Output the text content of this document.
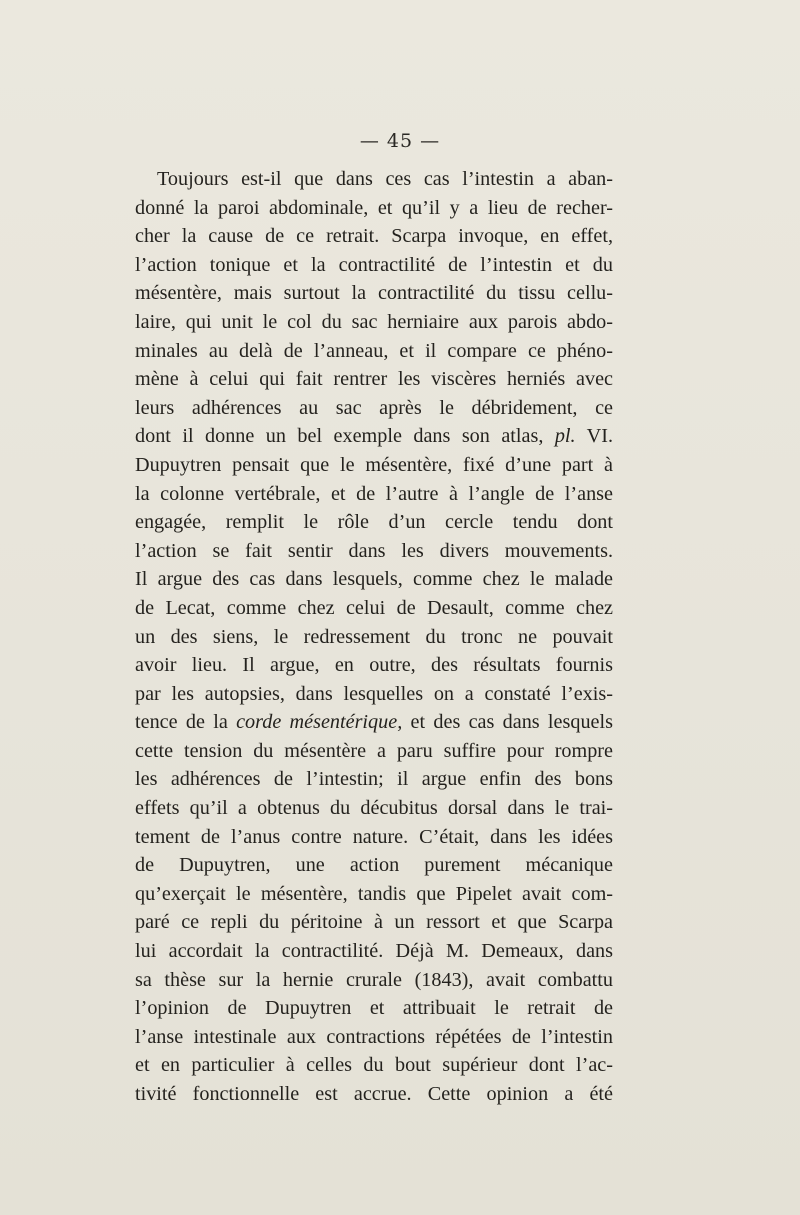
— 45 —
Toujours est-il que dans ces cas l’intestin a aban-
donné la paroi abdominale, et qu’il y a lieu de recher-
cher la cause de ce retrait. Scarpa invoque, en effet,
l’action tonique et la contractilité de l’intestin et du
mésentère, mais surtout la contractilité du tissu cellu-
laire, qui unit le col du sac herniaire aux parois abdo-
minales au delà de l’anneau, et il compare ce phéno-
mène à celui qui fait rentrer les viscères herniés avec
leurs adhérences au sac après le débridement, ce
dont il donne un bel exemple dans son atlas, pl. VI.
Dupuytren pensait que le mésentère, fixé d’une part à
la colonne vertébrale, et de l’autre à l’angle de l’anse
engagée, remplit le rôle d’un cercle tendu dont
l’action se fait sentir dans les divers mouvements.
Il argue des cas dans lesquels, comme chez le malade
de Lecat, comme chez celui de Desault, comme chez
un des siens, le redressement du tronc ne pouvait
avoir lieu. Il argue, en outre, des résultats fournis
par les autopsies, dans lesquelles on a constaté l’exis-
tence de la corde mésentérique, et des cas dans lesquels
cette tension du mésentère a paru suffire pour rompre
les adhérences de l’intestin; il argue enfin des bons
effets qu’il a obtenus du décubitus dorsal dans le trai-
tement de l’anus contre nature. C’était, dans les idées
de Dupuytren, une action purement mécanique
qu’exerçait le mésentère, tandis que Pipelet avait com-
paré ce repli du péritoine à un ressort et que Scarpa
lui accordait la contractilité. Déjà M. Demeaux, dans
sa thèse sur la hernie crurale (1843), avait combattu
l’opinion de Dupuytren et attribuait le retrait de
l’anse intestinale aux contractions répétées de l’intestin
et en particulier à celles du bout supérieur dont l’ac-
tivité fonctionnelle est accrue. Cette opinion a été
